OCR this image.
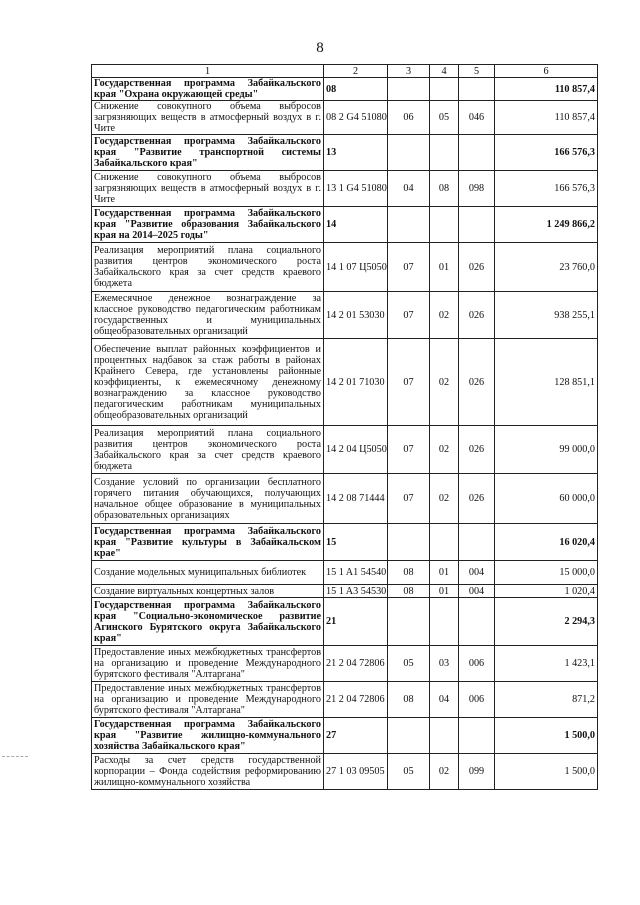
8
1	2	3	4	5	6
Государственная программа Забайкальского края "Охрана окружающей среды"	08				110 857,4
Снижение совокупного объема выбросов загрязняющих веществ в атмосферный воздух в г. Чите	08 2 G4 51080	06	05	046	110 857,4
Государственная программа Забайкальского края "Развитие транспортной системы Забайкальского края"	13				166 576,3
Снижение совокупного объема выбросов загрязняющих веществ в атмосферный воздух в г. Чите	13 1 G4 51080	04	08	098	166 576,3
Государственная программа Забайкальского края "Развитие образования Забайкальского края на 2014–2025 годы"	14				1 249 866,2
Реализация мероприятий плана социального развития центров экономического роста Забайкальского края за счет средств краевого бюджета	14 1 07 Ц5050	07	01	026	23 760,0
Ежемесячное денежное вознаграждение за классное руководство педагогическим работникам государственных и муниципальных общеобразовательных организаций	14 2 01 53030	07	02	026	938 255,1
Обеспечение выплат районных коэффициентов и процентных надбавок за стаж работы в районах Крайнего Севера, где установлены районные коэффициенты, к ежемесячному денежному вознаграждению за классное руководство педагогическим работникам муниципальных общеобразовательных организаций	14 2 01 71030	07	02	026	128 851,1
Реализация мероприятий плана социального развития центров экономического роста Забайкальского края за счет средств краевого бюджета	14 2 04 Ц5050	07	02	026	99 000,0
Создание условий по организации бесплатного горячего питания обучающихся, получающих начальное общее образование в муниципальных образовательных организациях	14 2 08 71444	07	02	026	60 000,0
Государственная программа Забайкальского края "Развитие культуры в Забайкальском крае"	15				16 020,4
Создание модельных муниципальных библиотек	15 1 A1 54540	08	01	004	15 000,0
Создание виртуальных концертных залов	15 1 A3 54530	08	01	004	1 020,4
Государственная программа Забайкальского края "Социально-экономическое развитие Агинского Бурятского округа Забайкальского края"	21				2 294,3
Предоставление иных межбюджетных трансфертов на организацию и проведение Международного бурятского фестиваля "Алтаргана"	21 2 04 72806	05	03	006	1 423,1
Предоставление иных межбюджетных трансфертов на организацию и проведение Международного бурятского фестиваля "Алтаргана"	21 2 04 72806	08	04	006	871,2
Государственная программа Забайкальского края "Развитие жилищно-коммунального хозяйства Забайкальского края"	27				1 500,0
Расходы за счет средств государственной корпорации – Фонда содействия реформированию жилищно-коммунального хозяйства	27 1 03 09505	05	02	099	1 500,0
